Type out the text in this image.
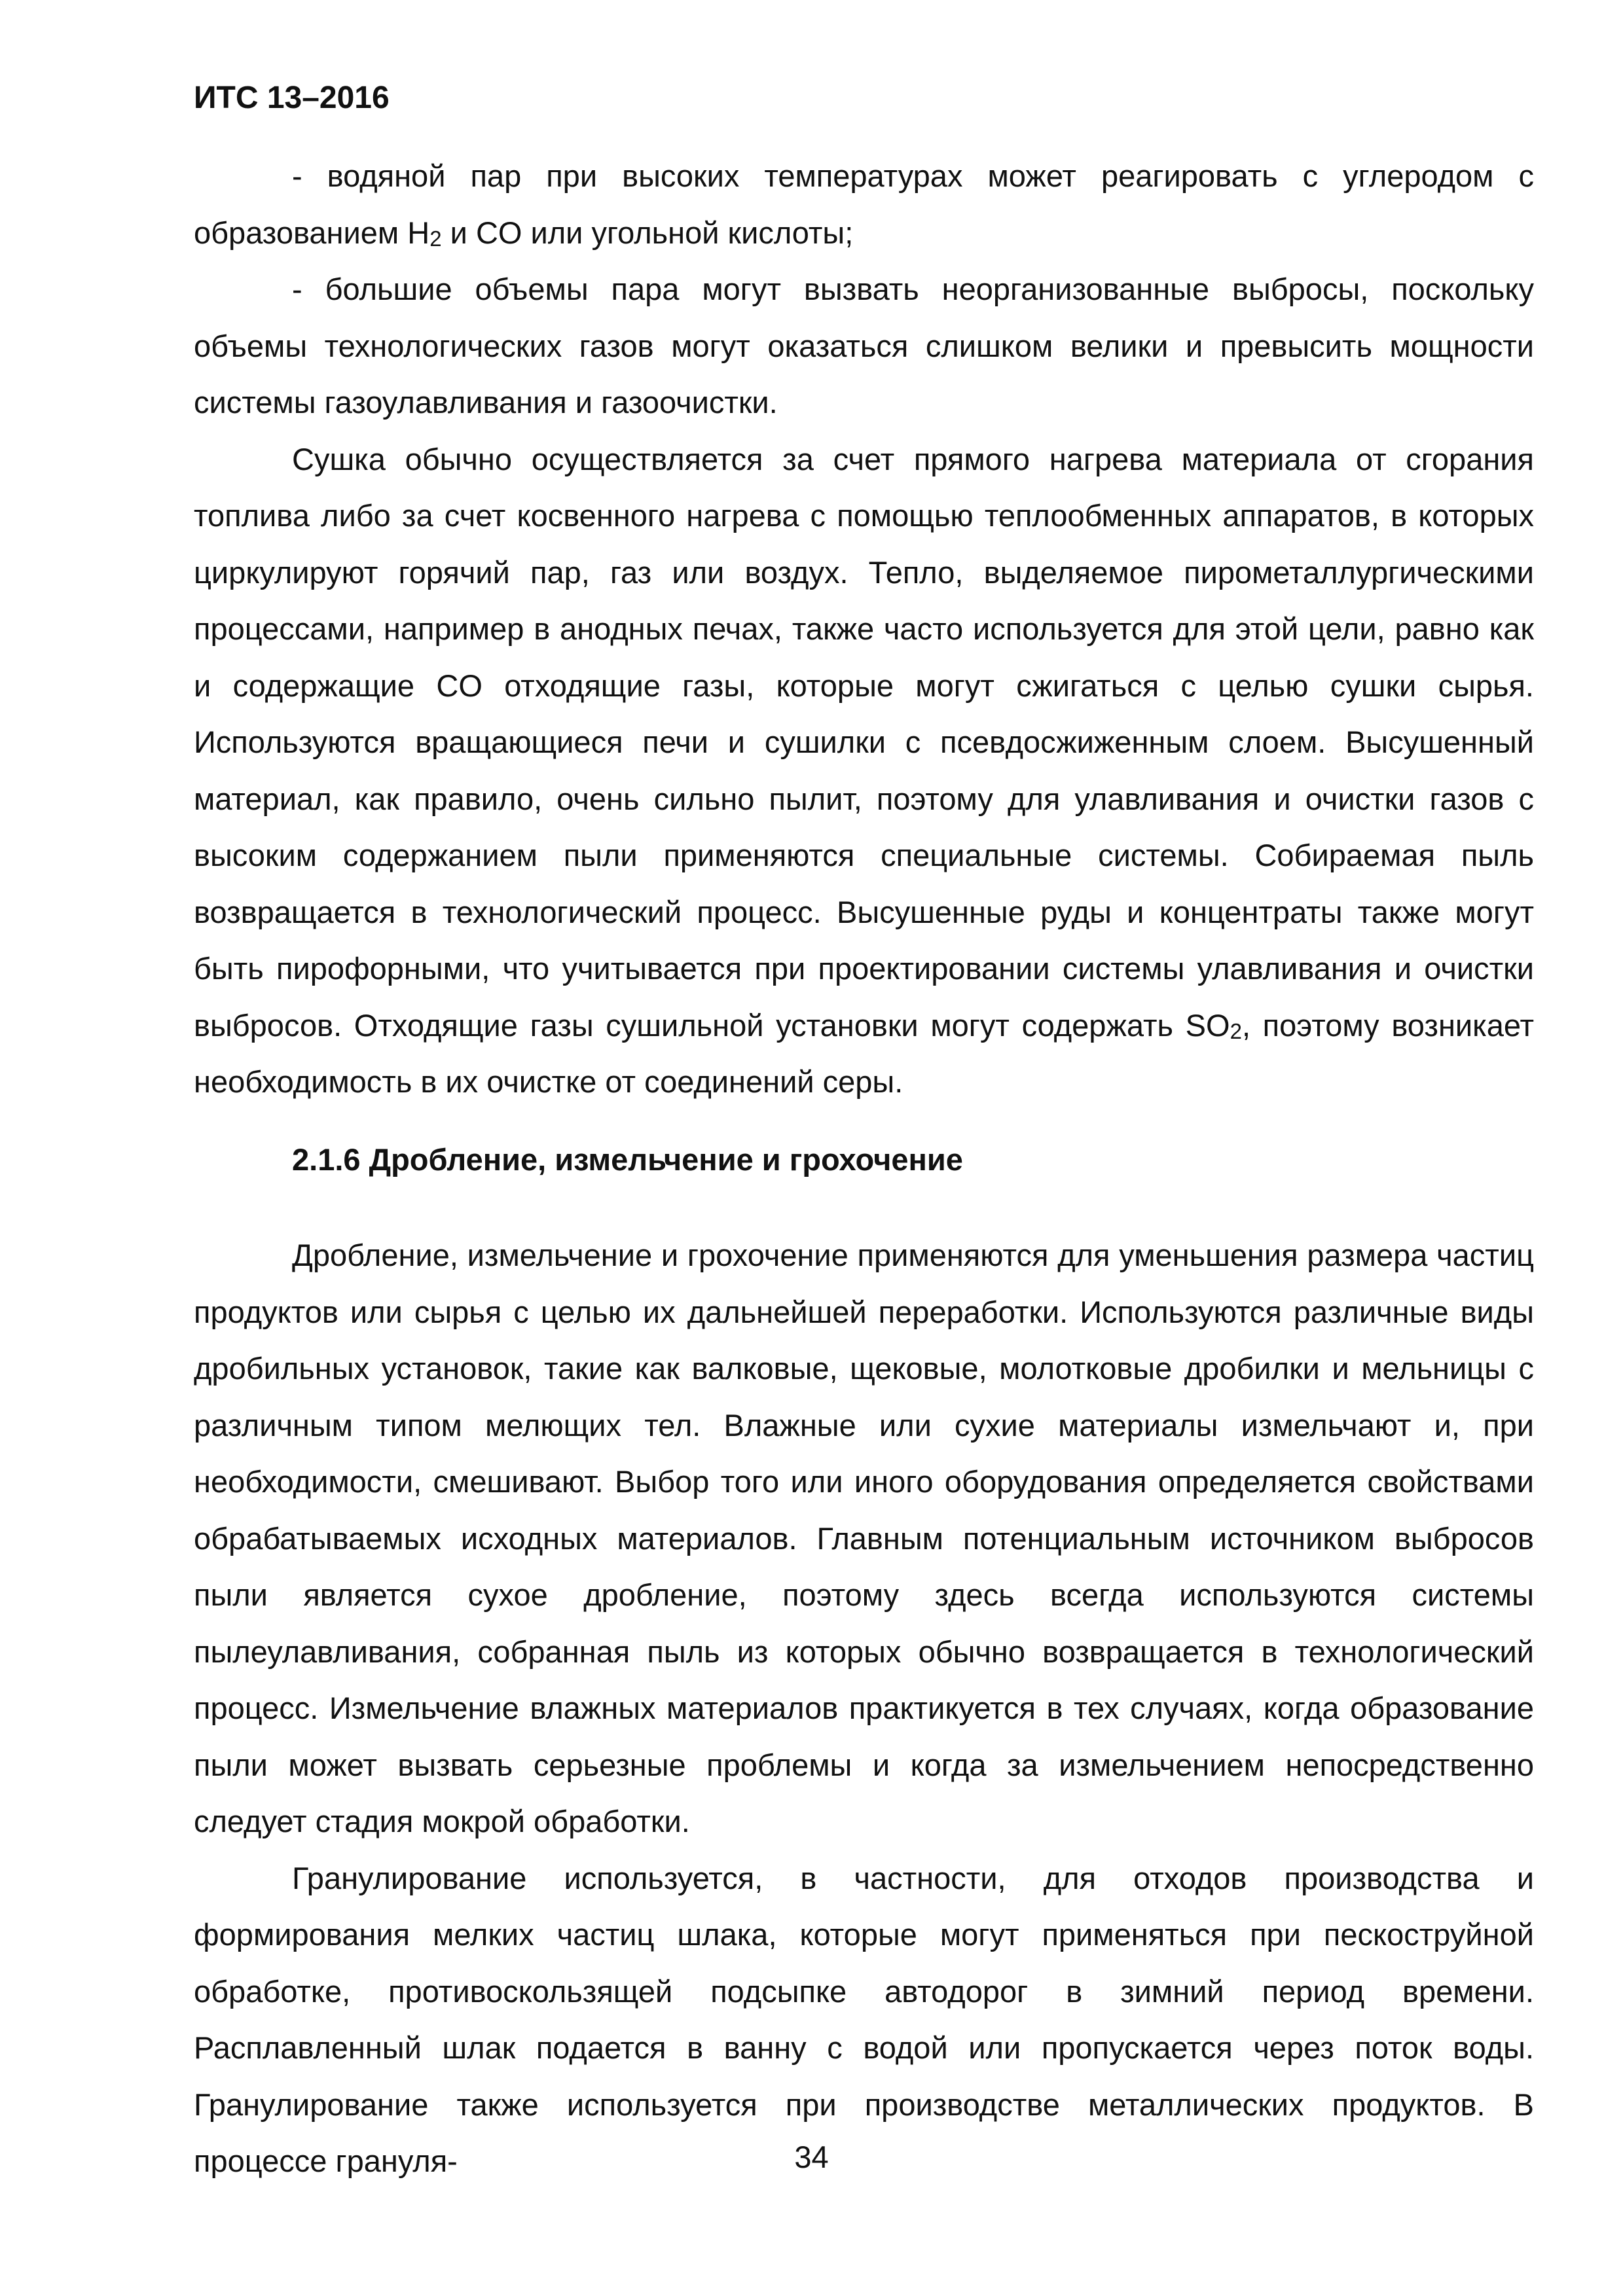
ИТС 13–2016

- водяной пар при высоких температурах может реагировать с углеродом с образованием $H_2$ и CO или угольной кислоты;

- большие объемы пара могут вызвать неорганизованные выбросы, поскольку объемы технологических газов могут оказаться слишком велики и превысить мощности системы газоулавливания и газоочистки.

Сушка обычно осуществляется за счет прямого нагрева материала от сгорания топлива либо за счет косвенного нагрева с помощью теплообменных аппаратов, в которых циркулируют горячий пар, газ или воздух. Тепло, выделяемое пирометаллургическими процессами, например в анодных печах, также часто используется для этой цели, равно как и содержащие CO отходящие газы, которые могут сжигаться с целью сушки сырья. Используются вращающиеся печи и сушилки с псевдосжиженным слоем. Высушенный материал, как правило, очень сильно пылит, поэтому для улавливания и очистки газов с высоким содержанием пыли применяются специальные системы. Собираемая пыль возвращается в технологический процесс. Высушенные руды и концентраты также могут быть пирофорными, что учитывается при проектировании системы улавливания и очистки выбросов. Отходящие газы сушильной установки могут содержать $SO_2$, поэтому возникает необходимость в их очистке от соединений серы.

2.1.6 Дробление, измельчение и грохочение

Дробление, измельчение и грохочение применяются для уменьшения размера частиц продуктов или сырья с целью их дальнейшей переработки. Используются различные виды дробильных установок, такие как валковые, щековые, молотковые дробилки и мельницы с различным типом мелющих тел. Влажные или сухие материалы измельчают и, при необходимости, смешивают. Выбор того или иного оборудования определяется свойствами обрабатываемых исходных материалов. Главным потенциальным источником выбросов пыли является сухое дробление, поэтому здесь всегда используются системы пылеулавливания, собранная пыль из которых обычно возвращается в технологический процесс. Измельчение влажных материалов практикуется в тех случаях, когда образование пыли может вызвать серьезные проблемы и когда за измельчением непосредственно следует стадия мокрой обработки.

Гранулирование используется, в частности, для отходов производства и формирования мелких частиц шлака, которые могут применяться при пескоструйной обработке, противоскользящей подсыпке автодорог в зимний период времени. Расплавленный шлак подается в ванну с водой или пропускается через поток воды. Гранулирование также используется при производстве металлических продуктов. В процессе грануля-	34
